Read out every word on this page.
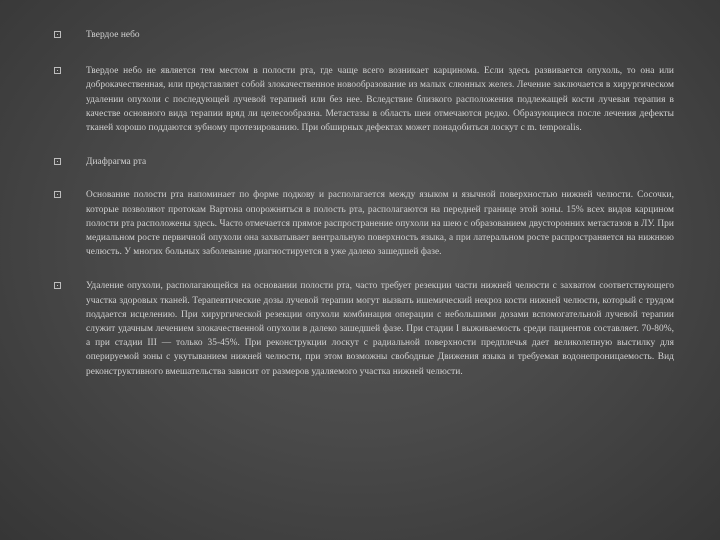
Твердое небо
Твердое небо не является тем местом в полости рта, где чаще всего возникает карцинома. Если здесь развивается опухоль, то она или доброкачественная, или представляет собой злокачественное новообразование из малых слюнных желез. Лечение заключается в хирургическом удалении опухоли с последующей лучевой терапией или без нее. Вследствие близкого расположения подлежащей кости лучевая терапия в качестве основного вида терапии вряд ли целесообразна. Метастазы в область шеи отмечаются редко. Образующиеся после лечения дефекты тканей хорошо поддаются зубному протезированию. При обширных дефектах может понадобиться лоскут с m. temporalis.
Диафрагма рта
Основание полости рта напоминает по форме подкову и располагается между языком и язычной поверхностью нижней челюсти. Сосочки, которые позволяют протокам Вартона опорожняться в полость рта, располагаются на передней границе этой зоны. 15% всех видов карцином полости рта расположены здесь. Часто отмечается прямое распространение опухоли на шею с образованием двусторонних метастазов в ЛУ. При медиальном росте первичной опухоли она захватывает вентральную поверхность языка, а при латеральном росте распространяется на нижнюю челюсть. У многих больных заболевание диагностируется в уже далеко зашедшей фазе.
Удаление опухоли, располагающейся на основании полости рта, часто требует резекции части нижней челюсти с захватом соответствующего участка здоровых тканей. Терапевтические дозы лучевой терапии могут вызвать ишемический некроз кости нижней челюсти, который с трудом поддается исцелению. При хирургической резекции опухоли комбинация операции с небольшими дозами вспомогательной лучевой терапии служит удачным лечением злокачественной опухоли в далеко зашедшей фазе. При стадии I выживаемость среди пациентов составляет. 70-80%, а при стадии III — только 35-45%. При реконструкции лоскут с радиальной поверхности предплечья дает великолепную выстилку для оперируемой зоны с укутыванием нижней челюсти, при этом возможны свободные Движения языка и требуемая водонепроницаемость. Вид реконструктивного вмешательства зависит от размеров удаляемого участка нижней челюсти.
